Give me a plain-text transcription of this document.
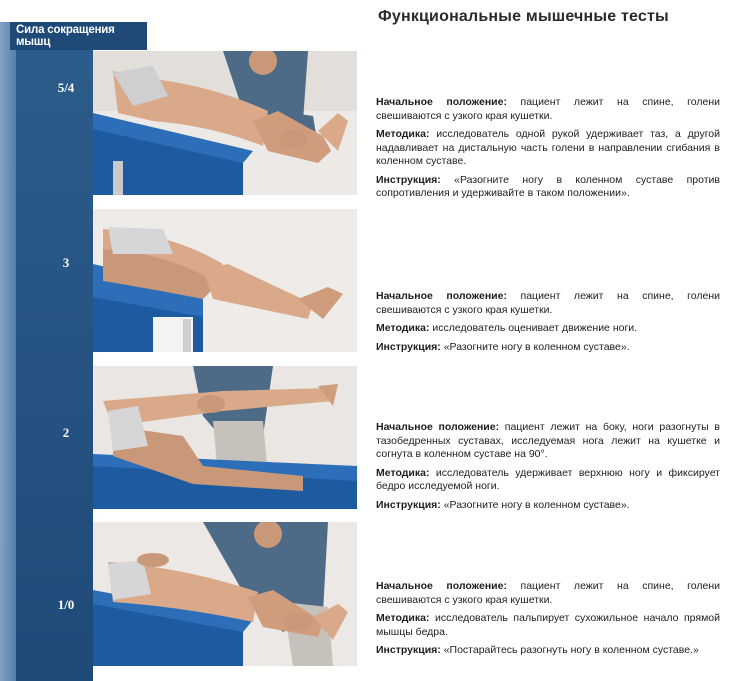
Функциональные мышечные тесты
Сила сокращения мышц
5/4
3
2
1/0

Начальное положение: пациент лежит на спине, голени свешиваются с узкого края кушетки.

Методика: исследователь одной рукой удерживает таз, а другой надавливает на дистальную часть голени в направлении сгибания в коленном суставе.

Инструкция: «Разогните ногу в коленном суставе против сопротивления и удерживайте в таком положении».

Начальное положение: пациент лежит на спине, голени свешиваются с узкого края кушетки.

Методика: исследователь оценивает движение ноги.

Инструкция: «Разогните ногу в коленном суставе».

Начальное положение: пациент лежит на боку, ноги разогнуты в тазобедренных суставах, исследуемая нога лежит на кушетке и согнута в коленном суставе на 90°.

Методика: исследователь удерживает верхнюю ногу и фиксирует бедро исследуемой ноги.

Инструкция: «Разогните ногу в коленном суставе».

Начальное положение: пациент лежит на спине, голени свешиваются с узкого края кушетки.

Методика: исследователь пальпирует сухожильное начало прямой мышцы бедра.

Инструкция: «Постарайтесь разогнуть ногу в коленном суставе.»
